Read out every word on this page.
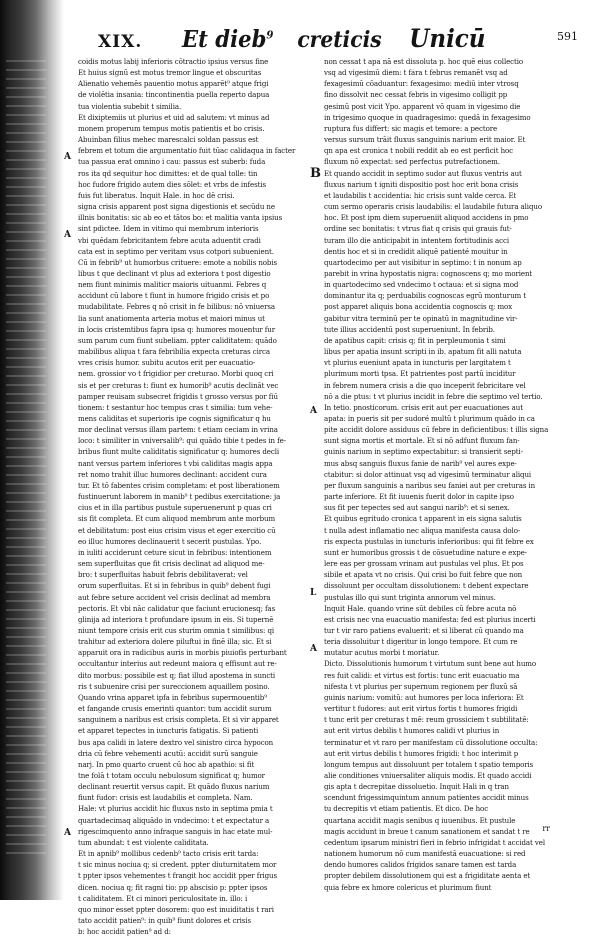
XIX. Et dieb$^9$ creticis Unicū	591
coidis motus labij inferioris cōtractio ipsius versus fine
Et huius signū est motus tremor lingue et obscuritas
Alienatio vehemēs pauentio motus apparēt⁹ atque frigi
de violētia insania: tincontinentia puella reperto dapua
tua violentia subebit t similia.
Et dixiptemiis ut plurius et uid ad salutem: vt minus ad
monem properum tempus motis patientis et bo crisis.
Abuinban filius mehec marescalci soldan passus est
febrem et totum die argumentatio fuit tūac calidaqua in facter
tua passua erat omnino i cau: passus est suberb: fuda
ros ita qd sequitur hoc dimittes: et de qual tolle: tin
hoc fudore frigido autem dies sōlet: et vrbs de infestis
fuis fut liberatus. Inquit Hale. in hoc dē crisi.
signa crisis apparent post signa digestionis et secūdu ne
illnis bonitatis: sic ab eo et tātos bo: et malitia vanta ipsius
sint pdictee. Idem in vitimo qui membrum interioris
vbi quēdam febricitantem febre acuta aduentit cradi
cata est in septimo per veritam vsus cotpori subuenient.
Cū in febrib⁹ ut humorbus crituere: emote a nobilis nobis
libus t que declinant vt plus ad exteriora t post digestio
nem fiunt minimis maliticr maioris uituanmi. Febres q
accidunt cū labore t fiunt in humore frigido crisis et po
mudabilitate. Febres q nō crisit in fe bilibus: nō vniuersa
lia sunt anatiomenta arteria motus et maiori minus ut
in locis cristemtibus fapra ipsa q: humores mouentur fur
sum parum cum fiunt subeliam. ppter caliditatem: quādo
mabilibus aliqua t fara febribilia expecta creturas circa
vres crisis humor. subitu acutos erit per euacuatio-
nem. grossior vo t frigidior per creturao. Morbi quoq cri
sis et per creturas t: fiunt ex humorib⁹ acutis declināt vec
pamper reuisam subsecret frigidis t grosso versus por fiū
tionem: t sestantur hoc tempus cras t similia: tum vehe-
mens caliditas et superioris ipe cognis significatur q hu
mor declinat versus illam partem: t etiam ceciam in vrina
loco: t similiter in vniversalib⁹: qui quādo tibie t pedes in fe-
bribus fiunt multe caliditatis significatur q: humores decli
nant versus partem inferiores t vbi caliditas magis appa
ret nomo trahit illuc humores declinant: accident cura
tur. Et tō fabentes crisim completam: et post liberationem
fustinuerunt laborem in manib⁹ t pedibus exercitatione: ja
cius et in illa partibus pustule superuenerunt p quas cri
sis fit completa. Et cum aliquod membrum ante morbum
et debilitatum: post eius crisim visus et eger exercitio cū
eo illuc humores declinauerit t secerit pustulas. Ypo.
in iuliti acciderunt ceture sicut in febribus: intentionem
sem superfluitas que fit crisis declinat ad aliquod me-
bro: t superfluitas habuit febris debilitaverat: vel
orum superfluitas. Et si in febribus in quib⁹ debent fugi
aut febre seture accident vel crisis declinat ad membra
pectoris. Et vbi nāc calidatur que faciunt erucionesq; fas
glinija ad interiora t profundare ipsum in eis. Si tupernē
niunt tempore crisis erit cus sturim omnia t similibus: qi
trahitur ad exteriora dolere piluftui in finē illa; sic. Et si
apparuit ora in radicibus auris in morbis piuiofis perturbant
occultantur interius aut redeunt maiora q effisunt aut re-
dito morbus: possibile est q; fiat illud apostema in suncti
ris t subuenire crisi per sureccionem aquaillem posino.
Quando vrina apparet ipfa in febribus supermouentib⁹
et fangande crusis emerinti quantor: tum accidit surum
sanguinem a naribus est crisis completa. Et si vir apparet
et apparet tepectes in iuncturis fatigatis. Si patienti
bus apa calidi in latere dextro vel sinistro circa hypocon
dria cū febre vehementi acutū: accidit surū sanguie
narj. In pmo quarto cruent cū hoc ab apathio: si fit
tne folā t totam occulu nebulosum significat q; humor
declinant reuertit versus capit. Et quādo fluxus narium
fiunt fudor: crisis est laudabilis et completa. Nam.
Hale: vt plurius accidit hic fluxus nsto in septima pmia t
quartadecimaq aliquādo in vndecimo: t et expectatur a
rigescimquento anno infraque sanguis in hac etate mul-
tum abundat: t est violente caliditata.
Et in apnib⁹ mollibus cedenb⁹ tacto crisis erit tarda:
t sic minus nociua q; si credent. ppter diuturnitatem mor
t ppter ipsos vehementes t frangit hoc accidit pper frigus
dicen. nociua q; fit ragni tio: pp abscisio p: ppter ipsos
t caliditatem. Et ci minori periculositate in. illo: i
quo minor esset ppter dosorem: quo est inuiditatis t rari
tato accidit patien⁹: in quib⁹ fiunt dolores et crisis
b: hoc accidit patien⁹ ad d:
non cessat t apa nā est dissoluta p. hoc quē eius collectio
vsq ad vigesimū diem: t fara t februs remanēt vsq ad
fexagesimū cōaduantur: fexagesimo: mediū inter vtrosq
fino dissolvit nec cessat febris in vigesimo colligit pp
gesimū post vicit Ypo. apparent vō quam in vigesimo die
in trigesimo quoque in quadragesimo: quedā in fexagesimo
ruptura fus differt: sic magis et temore: a pectore
versus sursum trāit fluxus sanguinis narium erit maior. Et
qn apa est cronica t nobili reddit ab eo est perficit hoc
fluxum nō expectat: sed perfectus putrefactionem.
Et quando accidit in septimo sudor aut fluxus ventris aut
fluxus narium t igniti dispositio post hoc erit bona crisis
et laudabilis t accidentia: hic crisis sunt valde cerca. Et
cum sermo operaris crisis laudabilis: el laudabile futura aliquo
hoc. Et post ipm diem superueniit aliquod accidens in pmo
ordine sec bonitatis: t vtrus fiat q crisis qui grauis fut-
turam illo die anticipabit in intentem fortitudinis acci
dentis hoc et si in credidit aliquē patienté mouitur in
quartodecimo per aut visibitur in septimo: t in nonum ap
parebit in vrina hypostatis nigra: cognoscens q; mo morient
in quartodecimo sed vndecimo t octaua: et si signa mod
dominantur ita q; perduabilis cognoscas egrū monturum t
post apparet aliquis bona accidentia cognoscis q; mox
gabitur vitra terminū per te opinatū in magnitudine vir-
tute illius accidentū post superueniunt. In febrib.
de apatibus capit: crisis q; fit in perpleumonia t simi
libus per apatia insunt scripti in ib. apatum fit alli natuta
vt plurius eueniunt apata in iuncturis per largitatem t
plurimum morti tpsa. Et patrientes post partū inciditur
in febrem numera crisis a die quo inceperit febricitare vel
nō a die ptus: t vt plurius incidit in febre die septimo vel tertio.
In tetio. pnosticorum. crisis erit aut per euacuationes aut
apata: in pueris sit per sudoré multū t plurimum quādo in ca
pite accidit dolore assiduus cū febre in deficientibus: t illis signa
sunt signa mortis et mortale. Et si nō adfunt fluxum fan-
guinis narium in septimo expectabitur: si transierit septi-
mus absq sanguis fluxus fanie de narib⁹ vel aures expe-
ctabitur: si dolor attinuat vsq ad vigesimū terminatur aliqui
per fluxum sanguinis a naribus seu faniei aut per creturas in
parte inferiore. Et fit iuuenis fuerit dolor in capite ipso
sus fit per tepectes sed aut sangui narib⁹: et si senex.
Et quibus egritudo cronica t apparent in eis signa salutis
t nulla adest inflamatio nec aliqua manifesta causa dolo-
ris expecta pustulas in iuncturis inferioribus: qui fit febre ex
sunt er humoribus grossis t de cōsuetudine nature e expe-
lere eas per grossam vrinam aut pustulas vel plus. Et pos
sibile et apata vt no crisis. Qui crisi bo fuit febre que non
dissoluunt per occultam dissolutionem: t debent expectare
pustulas illo qui sunt triginta annorum vel minus.
Inquit Hale. quando vrine sūt debiles cū febre acuta nō
est crisis nec vna euacuatio manifesta: fed est plurius incerti
tur t vir raro patiens evaluerit: et si liberat cū quando ma
teria dissoluitur t digeritur in longo tempore. Et cum re
mutatur acutus morbi t moriatur.
Dicto. Dissolutionis humorum t virtutum sunt bene aut humo
res fuit calidi: et virtus est fortis: tunc erit euacuatio ma
nifesta t vt plurius per supernum regionem per fluxū sā
guinis narium: vomitū: aut humores per loca inferiora: Et
vertitur t fudores: aut erit virtus fortis t humores frigidi
t tunc erit per creturas t mē: reum grossiciem t subtilitatē:
aut erit virtus debilis t humores calidi vt plurius in
terminatur et vt raro per manifestam cū dissolutione occulta:
aut erit virtus debilis t humores frigidi: t hoc interimit p
longum tempus aut dissoluunt per totalem t spatio temporis
alie conditiones vniuersaliter aliquis modis. Et quado accidi
gis apta t decrepitae dissoluetio. Inquit Hali in q tran
scendunt frigessimquintum annum patientes accidit minus
tu decrepitis vt etiam patientis. Et dico. De hoc
quartana accidit magis senibus q iuuenibus. Et pustule
magis accidunt in breue t canum sanationem et sandat t re
cedentum ipsarum ministri fieri in febrio infrigidat t accidat vel
nationem humorum nō cum manifestā euacuatione: si red
dendo humores calidos frigidos sanare tamen est tarda
propter debilem dissolutionem qui est a frigiditate aenta et
quia febre ex hmore colericus et plurimum fiunt
A
A
A
B
A
L
A
rr
